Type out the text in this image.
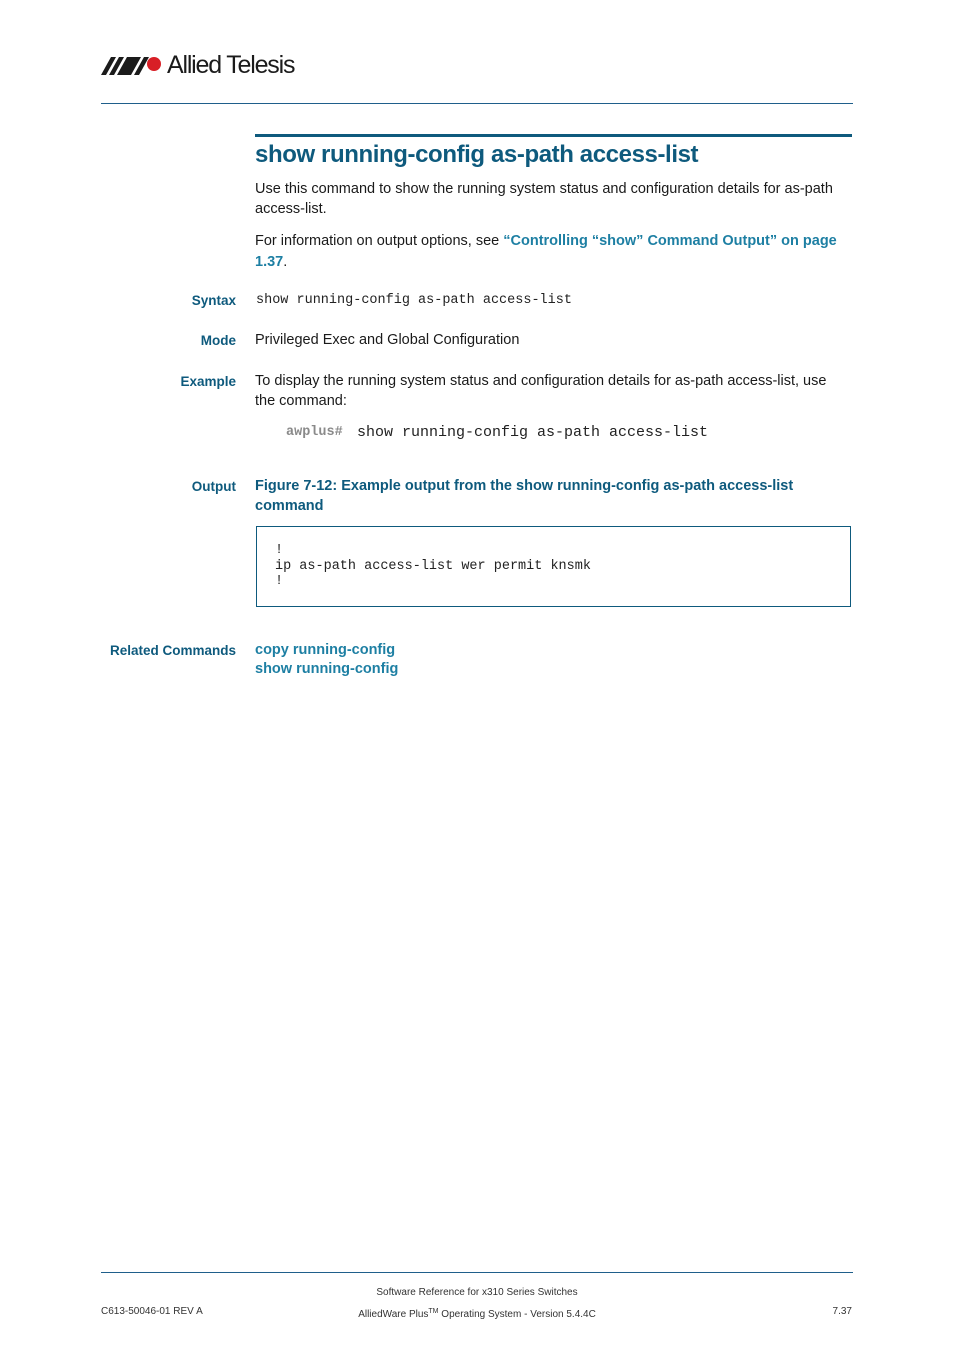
Allied Telesis
show running-config as-path access-list

Use this command to show the running system status and configuration details for as-path access-list.

For information on output options, see “Controlling “show” Command Output” on page 1.37.

Syntax show running-config as-path access-list
Mode Privileged Exec and Global Configuration
Example To display the running system status and configuration details for as-path access-list, use the command:

awplus# show running-config as-path access-list
Output Figure 7-12: Example output from the show running-config as-path access-list command
!
ip as-path access-list wer permit knsmk
!
Related Commands copy running-config
show running-config
Software Reference for x310 Series Switches
AlliedWare Plus™ Operating System - Version 5.4.4C
C613-50046-01 REV A	7.37
